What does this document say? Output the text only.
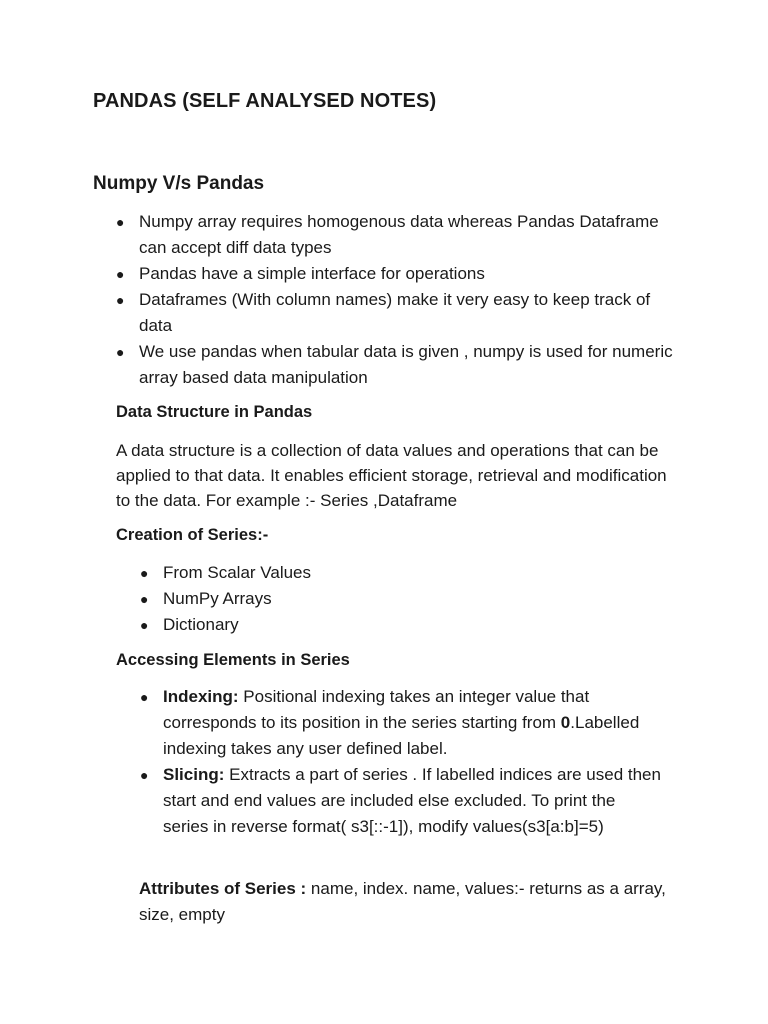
PANDAS (SELF ANALYSED NOTES)
Numpy V/s Pandas
● Numpy array requires homogenous data whereas Pandas Dataframe can accept diff data types
● Pandas have a simple interface for operations
● Dataframes (With column names) make it very easy to keep track of data
● We use pandas when tabular data is given , numpy is used for numeric array based data manipulation
Data Structure in Pandas

A data structure is a collection of data values and operations that can be applied to that data. It enables efficient storage, retrieval and modification to the data. For example :- Series ,Dataframe

Creation of Series:-
● From Scalar Values
● NumPy Arrays
● Dictionary
Accessing Elements in Series
● Indexing: Positional indexing takes an integer value that corresponds to its position in the series starting from 0.Labelled indexing takes any user defined label.
● Slicing: Extracts a part of series . If labelled indices are used then start and end values are included else excluded. To print the series in reverse format( s3[::-1]), modify values(s3[a:b]=5)

Attributes of Series : name, index. name, values:- returns as a array, size, empty
